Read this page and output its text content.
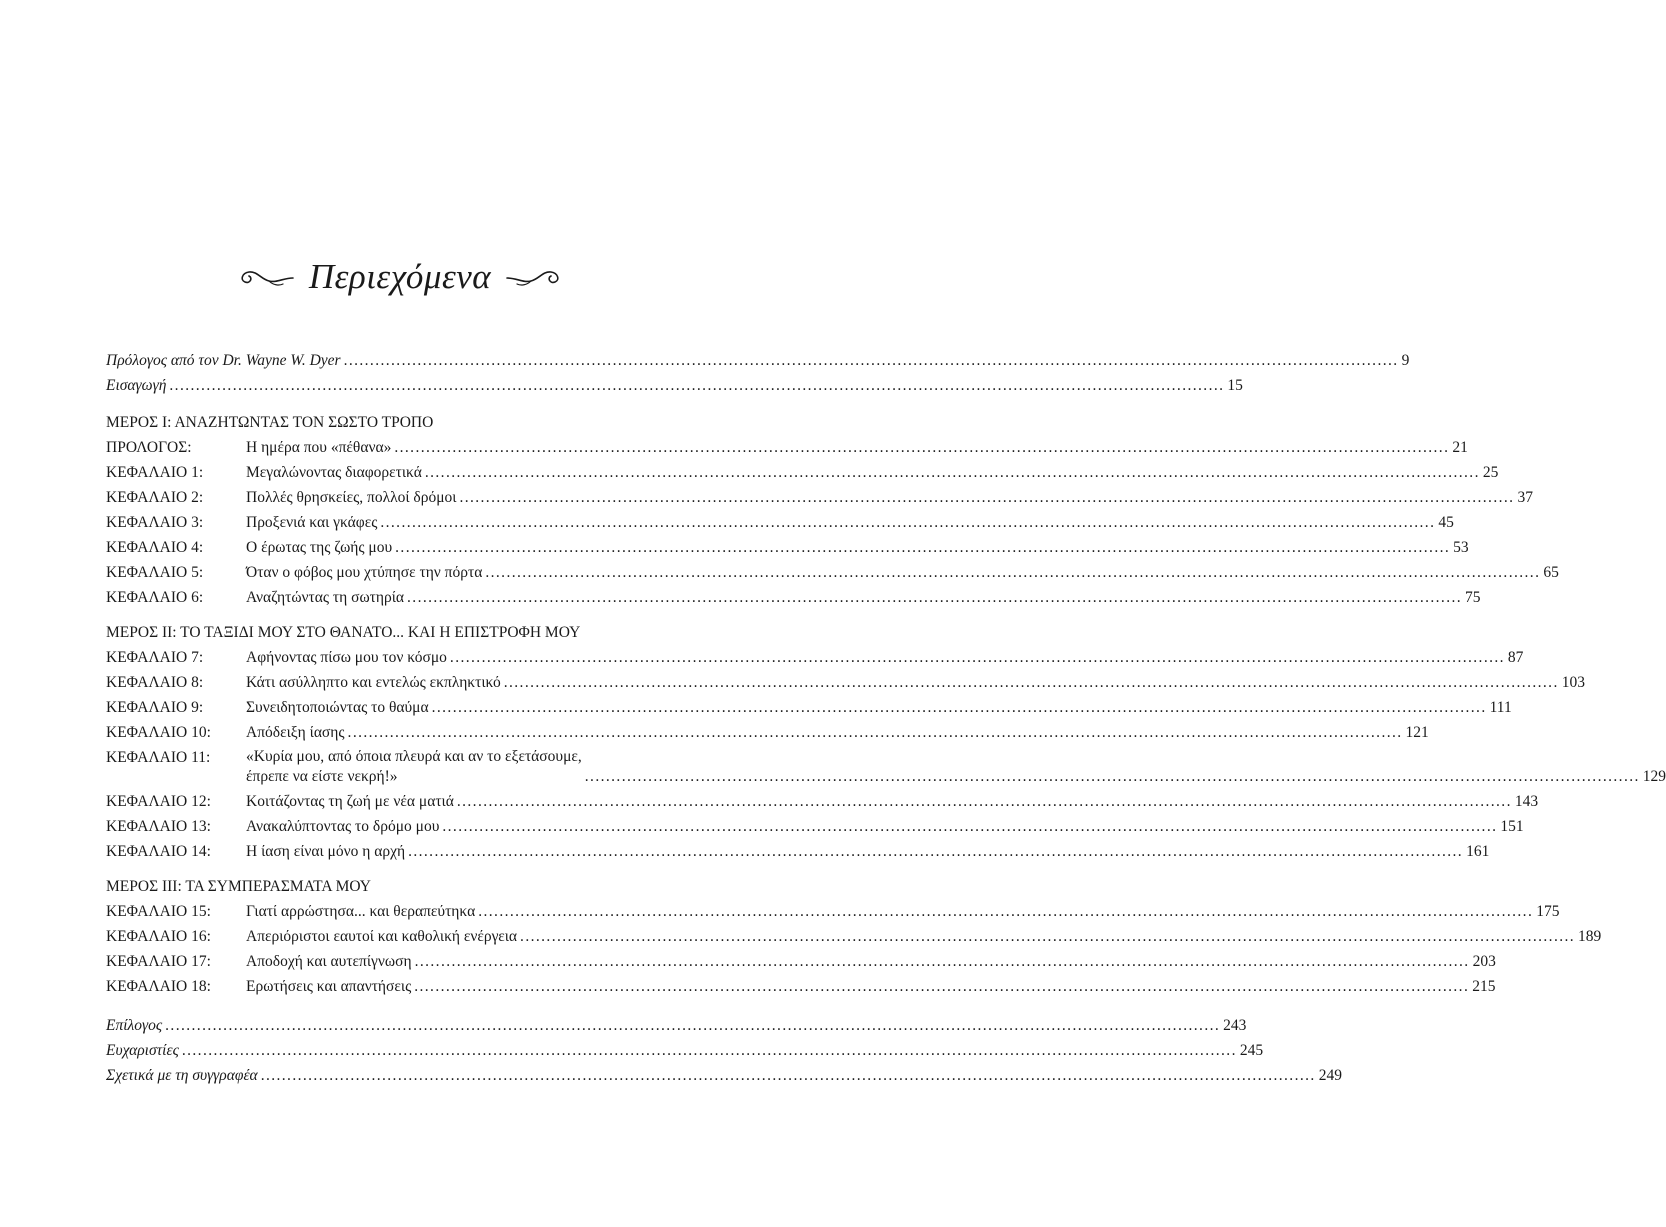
Περιεχόμενα
Πρόλογος από τον Dr. Wayne W. Dyer ........................................................................................................................................................................................................ 9
Εισαγωγή ........................................................................................................................................................................................................ 15
ΜΕΡΟΣ Ι: ΑΝΑΖΗΤΩΝΤΑΣ ΤΟΝ ΣΩΣΤΟ ΤΡΟΠΟ
ΠΡΟΛΟΓΟΣ:	Η ημέρα που «πέθανα» ........................................................................................................................................................................................................ 21
ΚΕΦΑΛΑΙΟ 1:	Μεγαλώνοντας διαφορετικά ........................................................................................................................................................................................................ 25
ΚΕΦΑΛΑΙΟ 2:	Πολλές θρησκείες, πολλοί δρόμοι ........................................................................................................................................................................................................ 37
ΚΕΦΑΛΑΙΟ 3:	Προξενιά και γκάφες ........................................................................................................................................................................................................ 45
ΚΕΦΑΛΑΙΟ 4:	Ο έρωτας της ζωής μου ........................................................................................................................................................................................................ 53
ΚΕΦΑΛΑΙΟ 5:	Όταν ο φόβος μου χτύπησε την πόρτα ........................................................................................................................................................................................................ 65
ΚΕΦΑΛΑΙΟ 6:	Αναζητώντας τη σωτηρία ........................................................................................................................................................................................................ 75
ΜΕΡΟΣ ΙΙ: ΤΟ ΤΑΞΙΔΙ ΜΟΥ ΣΤΟ ΘΑΝΑΤΟ... ΚΑΙ Η ΕΠΙΣΤΡΟΦΗ ΜΟΥ
ΚΕΦΑΛΑΙΟ 7:	Αφήνοντας πίσω μου τον κόσμο ........................................................................................................................................................................................................ 87
ΚΕΦΑΛΑΙΟ 8:	Κάτι ασύλληπτο και εντελώς εκπληκτικό ........................................................................................................................................................................................................ 103
ΚΕΦΑΛΑΙΟ 9:	Συνειδητοποιώντας το θαύμα ........................................................................................................................................................................................................ 111
ΚΕΦΑΛΑΙΟ 10:	Απόδειξη ίασης ........................................................................................................................................................................................................ 121
ΚΕΦΑΛΑΙΟ 11:	«Κυρία μου, από όποια πλευρά και αν το εξετάσουμε,
έπρεπε να είστε νεκρή!»	........................................................................................................................................................................................................ 129
ΚΕΦΑΛΑΙΟ 12:	Κοιτάζοντας τη ζωή με νέα ματιά ........................................................................................................................................................................................................ 143
ΚΕΦΑΛΑΙΟ 13:	Ανακαλύπτοντας το δρόμο μου ........................................................................................................................................................................................................ 151
ΚΕΦΑΛΑΙΟ 14:	Η ίαση είναι μόνο η αρχή ........................................................................................................................................................................................................ 161
ΜΕΡΟΣ ΙΙΙ: ΤΑ ΣΥΜΠΕΡΑΣΜΑΤΑ ΜΟΥ
ΚΕΦΑΛΑΙΟ 15:	Γιατί αρρώστησα... και θεραπεύτηκα ........................................................................................................................................................................................................ 175
ΚΕΦΑΛΑΙΟ 16:	Απεριόριστοι εαυτοί και καθολική ενέργεια ........................................................................................................................................................................................................ 189
ΚΕΦΑΛΑΙΟ 17:	Αποδοχή και αυτεπίγνωση ........................................................................................................................................................................................................ 203
ΚΕΦΑΛΑΙΟ 18:	Ερωτήσεις και απαντήσεις ........................................................................................................................................................................................................ 215
Επίλογος ........................................................................................................................................................................................................ 243
Ευχαριστίες ........................................................................................................................................................................................................ 245
Σχετικά με τη συγγραφέα ........................................................................................................................................................................................................ 249
